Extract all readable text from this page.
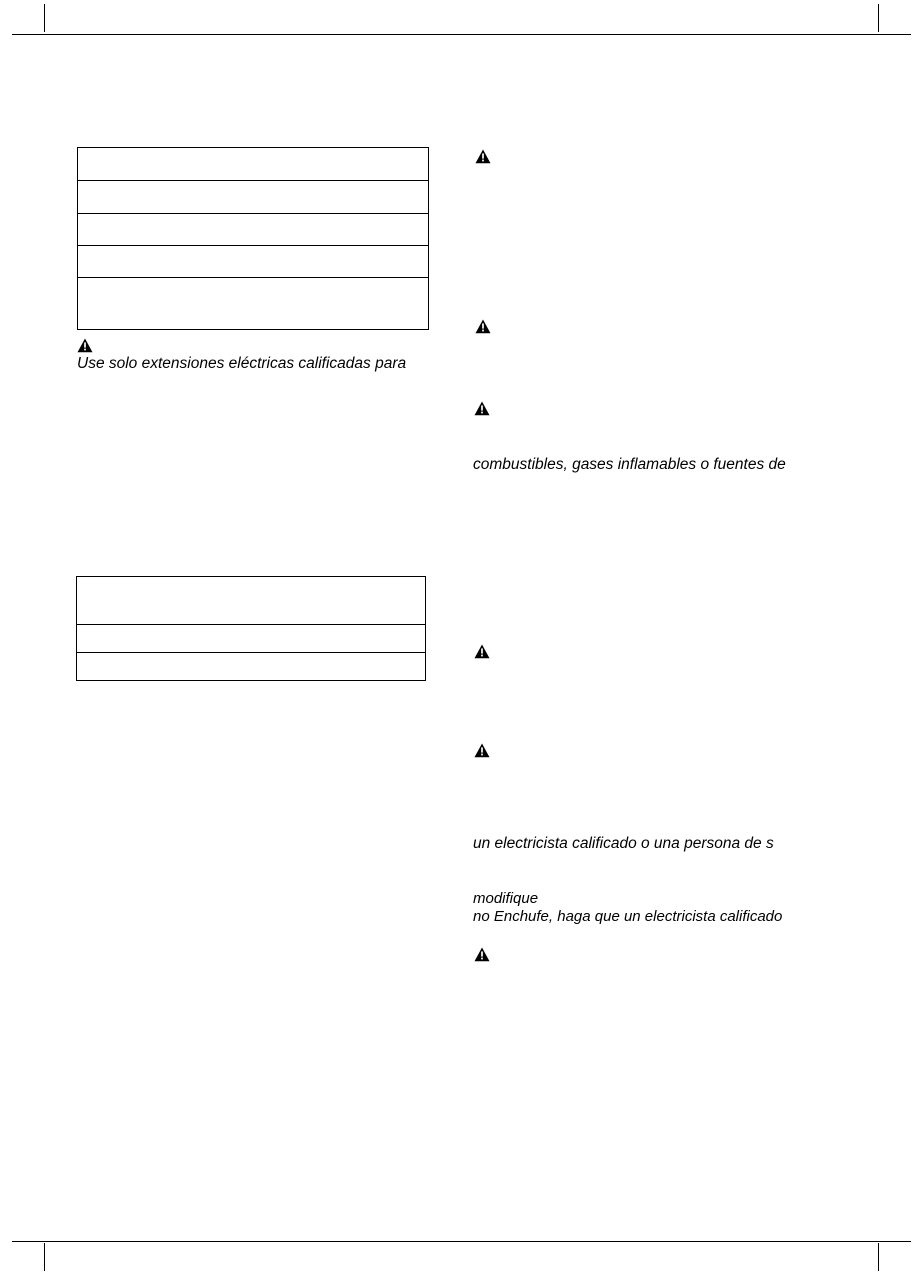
Use solo extensiones eléctricas calificadas para
combustibles, gases inflamables o fuentes de
un electricista calificado o una persona de s
modifique
no Enchufe, haga que un electricista calificado
